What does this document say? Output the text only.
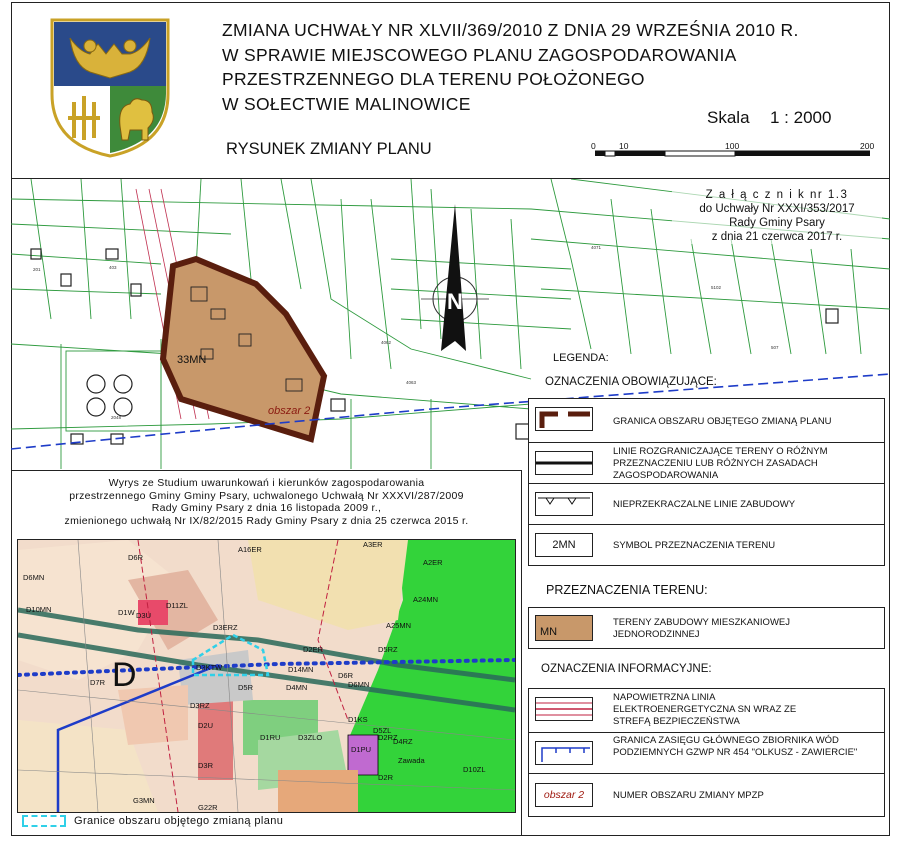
ZMIANA UCHWAŁY NR XLVII/369/2010 Z DNIA 29 WRZEŚNIA 2010 R.
W SPRAWIE MIEJSCOWEGO PLANU ZAGOSPODAROWANIA
PRZESTRZENNEGO DLA TERENU POŁOŻONEGO
W SOŁECTWIE MALINOWICE
Skala 1 : 2000
RYSUNEK ZMIANY PLANU	0	10	100	200
N
201	403
4062
4063
4071
5102
507
2048
33MN
obszar 2
Z a ł ą c z n i k nr 1.3
do Uchwały Nr XXXI/353/2017
Rady Gminy Psary
z dnia 21 czerwca 2017 r.
Wyrys ze Studium uwarunkowań i kierunków zagospodarowania
przestrzennego Gminy Gminy Psary, uchwalonego Uchwałą Nr XXXVI/287/2009
Rady Gminy Psary z dnia 16 listopada 2009 r.,
zmienionego uchwałą Nr IX/82/2015 Rady Gminy Psary z dnia 25 czerwca 2015 r.
D
A16ER
A3ER
A2ER
D6R
D6MN
D10MN	D1W D3U
D11ZL
A24MN
A25MN
D3ERZ
D2ER	D5RZ
D14MN
D3KTW
D7R
D5R	D4MN	D6MN
D6R
D3RZ
D2U
D1RU D3ZLO
D1KS
D5ZL
D2RZ
D4RZ
D1PU
D3R
D2R
D10ZL
G3MN
G22R
Zawada
Granice obszaru objętego zmianą planu
LEGENDA:
OZNACZENIA OBOWIĄZUJĄCE:
GRANICA OBSZARU OBJĘTEGO ZMIANĄ PLANU
LINIE ROZGRANICZAJĄCE TERENY O RÓŻNYM PRZEZNACZENIU LUB RÓŻNYCH ZASADACH ZAGOSPODAROWANIA
NIEPRZEKRACZALNE LINIE ZABUDOWY
2MN	SYMBOL PRZEZNACZENIA TERENU
PRZEZNACZENIA TERENU:
MN
TERENY ZABUDOWY MIESZKANIOWEJ JEDNORODZINNEJ
OZNACZENIA INFORMACYJNE:
NAPOWIETRZNA LINIA ELEKTROENERGETYCZNA SN WRAZ ZE STREFĄ BEZPIECZEŃSTWA
GRANICA ZASIĘGU GŁÓWNEGO ZBIORNIKA WÓD PODZIEMNYCH GZWP NR 454 "OLKUSZ - ZAWIERCIE"
obszar 2	NUMER OBSZARU ZMIANY MPZP
